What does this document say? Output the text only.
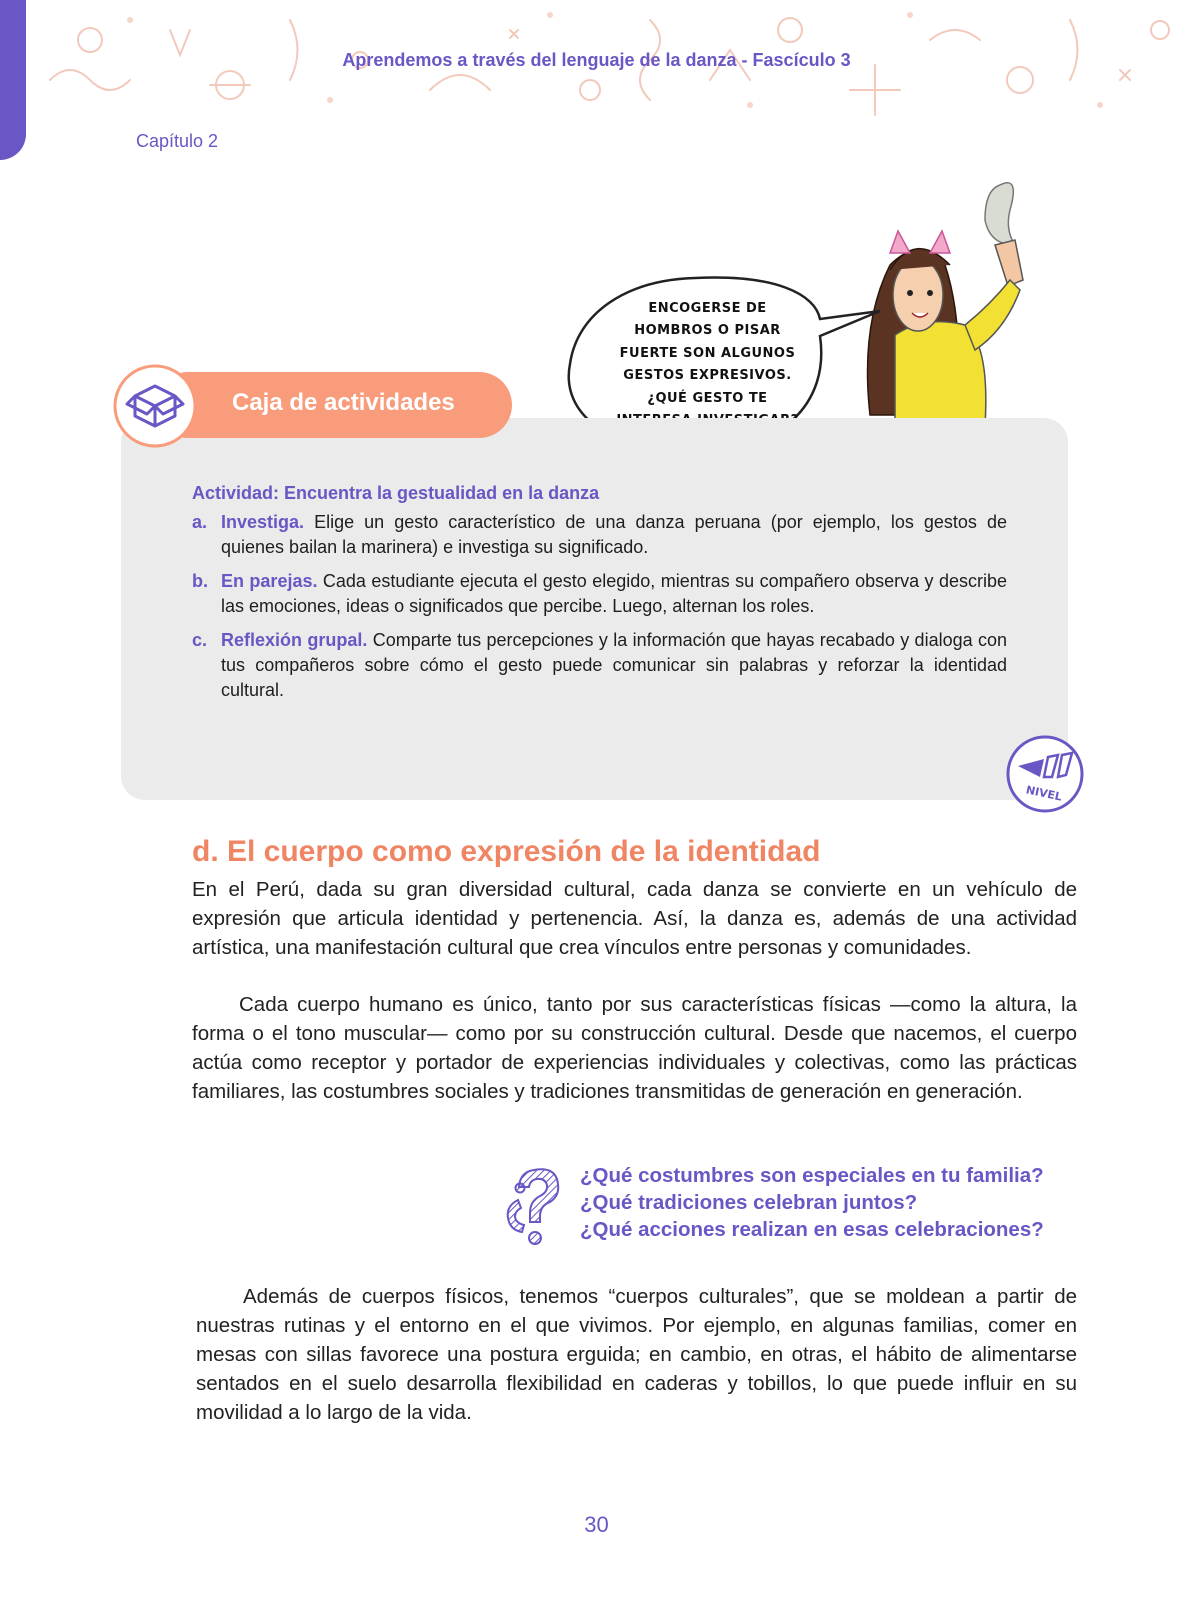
Aprendemos a través del lenguaje de la danza - Fascículo 3
Capítulo 2
ENCOGERSE DE
HOMBROS O PISAR
FUERTE SON ALGUNOS
GESTOS EXPRESIVOS.
¿QUÉ GESTO TE
Caja de actividades
Actividad: Encuentra la gestualidad en la danza
a. Investiga. Elige un gesto característico de una danza peruana (por ejemplo, los gestos de quienes bailan la marinera) e investiga su significado.
b. En parejas. Cada estudiante ejecuta el gesto elegido, mientras su compañero observa y describe las emociones, ideas o significados que percibe. Luego, alternan los roles.
c. Reflexión grupal. Comparte tus percepciones y la información que hayas recabado y dialoga con tus compañeros sobre cómo el gesto puede comunicar sin palabras y reforzar la identidad cultural.
NIVEL
d. El cuerpo como expresión de la identidad

En el Perú, dada su gran diversidad cultural, cada danza se convierte en un vehículo de expresión que articula identidad y pertenencia. Así, la danza es, además de una actividad artística, una manifestación cultural que crea vínculos entre personas y comunidades.

Cada cuerpo humano es único, tanto por sus características físicas —como la altura, la forma o el tono muscular— como por su construcción cultural. Desde que nacemos, el cuerpo actúa como receptor y portador de experiencias individuales y colectivas, como las prácticas familiares, las costumbres sociales y tradiciones transmitidas de generación en generación.

¿Qué costumbres son especiales en tu familia?
¿Qué tradiciones celebran juntos?
¿Qué acciones realizan en esas celebraciones?

Además de cuerpos físicos, tenemos “cuerpos culturales”, que se moldean a partir de nuestras rutinas y el entorno en el que vivimos. Por ejemplo, en algunas familias, comer en mesas con sillas favorece una postura erguida; en cambio, en otras, el hábito de alimentarse sentados en el suelo desarrolla flexibilidad en caderas y tobillos, lo que puede influir en su movilidad a lo largo de la vida.

30
